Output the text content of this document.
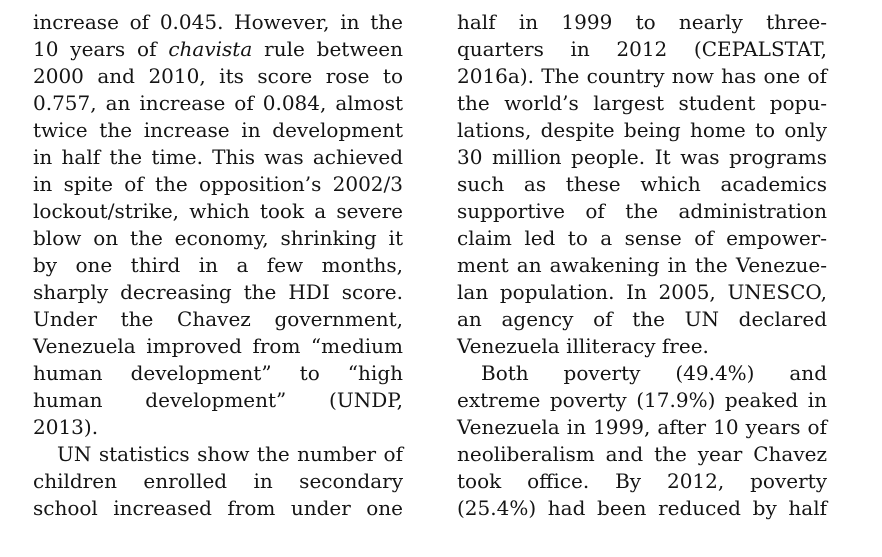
increase of 0.045. However, in the
10 years of chavista rule between
2000 and 2010, its score rose to
0.757, an increase of 0.084, almost
twice the increase in development
in half the time. This was achieved
in spite of the opposition’s 2002/3
lockout/strike, which took a severe
blow on the economy, shrinking it
by one third in a few months,
sharply decreasing the HDI score.
Under the Chavez government,
Venezuela improved from “medium
human development” to “high
human development” (UNDP,
2013).
UN statistics show the number of
children enrolled in secondary
school increased from under one
half in 1999 to nearly three-
quarters in 2012 (CEPALSTAT,
2016a). The country now has one of
the world’s largest student popu-
lations, despite being home to only
30 million people. It was programs
such as these which academics
supportive of the administration
claim led to a sense of empower-
ment an awakening in the Venezue-
lan population. In 2005, UNESCO,
an agency of the UN declared
Venezuela illiteracy free.
Both poverty (49.4%) and
extreme poverty (17.9%) peaked in
Venezuela in 1999, after 10 years of
neoliberalism and the year Chavez
took office. By 2012, poverty
(25.4%) had been reduced by half
